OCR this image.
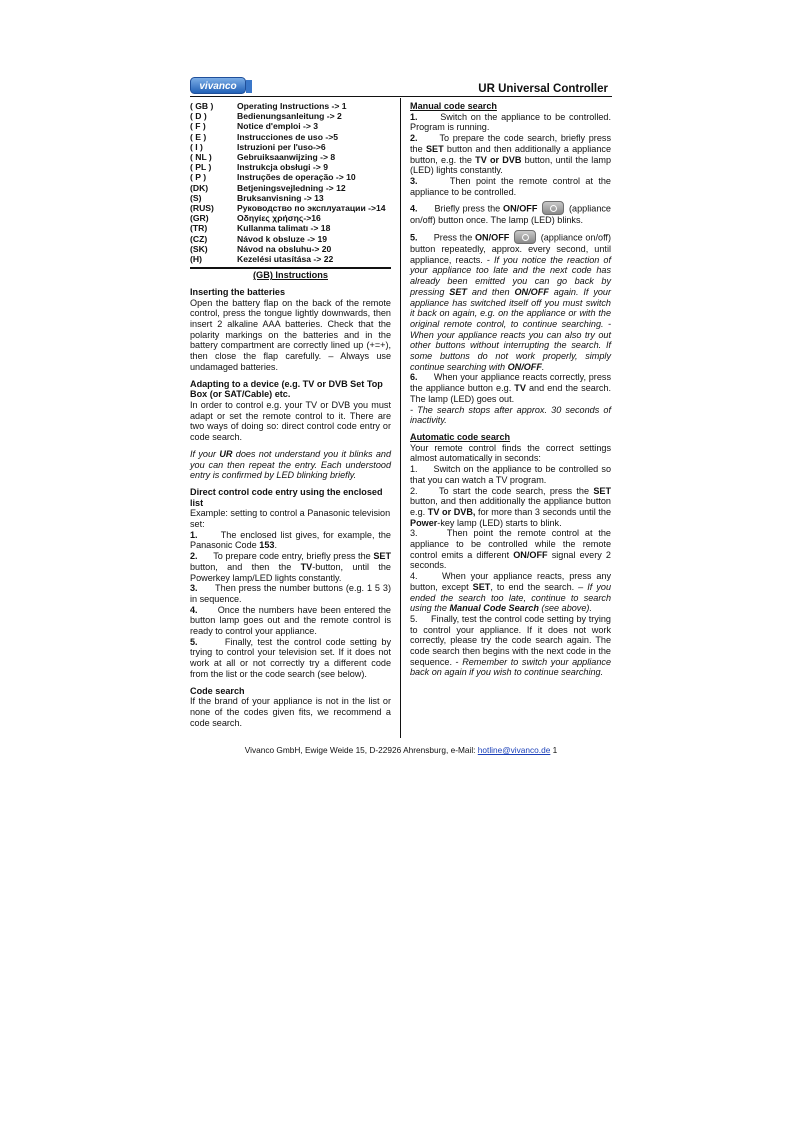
vivanco	UR Universal Controller
( GB )	Operating Instructions -> 1
( D )	Bedienungsanleitung -> 2
( F )	Notice d'emploi -> 3
( E )	Instrucciones de uso ->5
( I )	Istruzioni per l'uso->6
( NL )	Gebruiksaanwijzing -> 8
( PL )	Instrukcja obsługi -> 9
( P )	Instruções de operação -> 10
(DK)	Betjeningsvejledning -> 12
(S)	Bruksanvisning -> 13
(RUS)	Руководство по эксплуатации ->14
(GR)	Οδηγίες χρήσης->16
(TR)	Kullanma talimatı -> 18
(CZ)	Návod k obsluze -> 19
(SK)	Návod na obsluhu-> 20
(H)	Kezelési utasítása -> 22
(GB) Instructions
Inserting the batteries

Open the battery flap on the back of the remote control, press the tongue lightly downwards, then insert 2 alkaline AAA batteries. Check that the polarity markings on the batteries and in the battery compartment are correctly lined up (+=+), then close the flap carefully. – Always use undamaged batteries.

Adapting to a device (e.g. TV or DVB Set Top Box (or SAT/Cable) etc.

In order to control e.g. your TV or DVB you must adapt or set the remote control to it. There are two ways of doing so: direct control code entry or code search.

If your UR does not understand you it blinks and you can then repeat the entry. Each understood entry is confirmed by LED blinking briefly.

Direct control code entry using the enclosed list

Example: setting to control a Panasonic television set:

1.	The enclosed list gives, for example, the Panasonic Code 153.

2. To prepare code entry, briefly press the SET button, and then the TV-button, until the Powerkey lamp/LED lights constantly.

3. Then press the number buttons (e.g. 1 5 3) in sequence.

4. Once the numbers have been entered the button lamp goes out and the remote control is ready to control your appliance.

5.	Finally, test the control code setting by trying to control your television set. If it does not work at all or not correctly try a different code from the list or the code search (see below).

Code search

If the brand of your appliance is not in the list or none of the codes given fits, we recommend a code search.

Manual code search

1. Switch on the appliance to be controlled. Program is running.

2. To prepare the code search, briefly press the SET button and then additionally a appliance button, e.g. the TV or DVB button, until the lamp (LED) lights constantly.

3.	Then point the remote control at the appliance to be controlled.

4. Briefly press the ON/OFF	(appliance on/off) button once. The lamp (LED) blinks.

5. Press the ON/OFF	(appliance on/off) button repeatedly, approx. every second, until appliance, reacts. - If you notice the reaction of your appliance too late and the next code has already been emitted you can go back by pressing SET and then ON/OFF again. If your appliance has switched itself off you must switch it back on again, e.g. on the appliance or with the original remote control, to continue searching. - When your appliance reacts you can also try out other buttons without interrupting the search. If some buttons do not work properly, simply continue searching with ON/OFF.

6. When your appliance reacts correctly, press the appliance button e.g. TV and end the search. The lamp (LED) goes out.

- The search stops after approx. 30 seconds of inactivity.

Automatic code search

Your remote control finds the correct settings almost automatically in seconds:

1.     Switch on the appliance to be controlled so that you can watch a TV program.

2.     To start the code search, press the SET button, and then additionally the appliance button e.g. TV or DVB, for more than 3 seconds until the Power-key lamp (LED) starts to blink.

3.     Then point the remote control at the appliance to be controlled while the remote control emits a different ON/OFF signal every 2 seconds.

4.     When your appliance reacts, press any button, except SET, to end the search. – If you ended the search too late, continue to search using the Manual Code Search (see above).

5.     Finally, test the control code setting by trying to control your appliance. If it does not work correctly, please try the code search again. The code search then begins with the next code in the sequence. - Remember to switch your appliance back on again if you wish to continue searching.

Vivanco GmbH, Ewige Weide 15, D-22926 Ahrensburg, e-Mail: hotline@vivanco.de 1
